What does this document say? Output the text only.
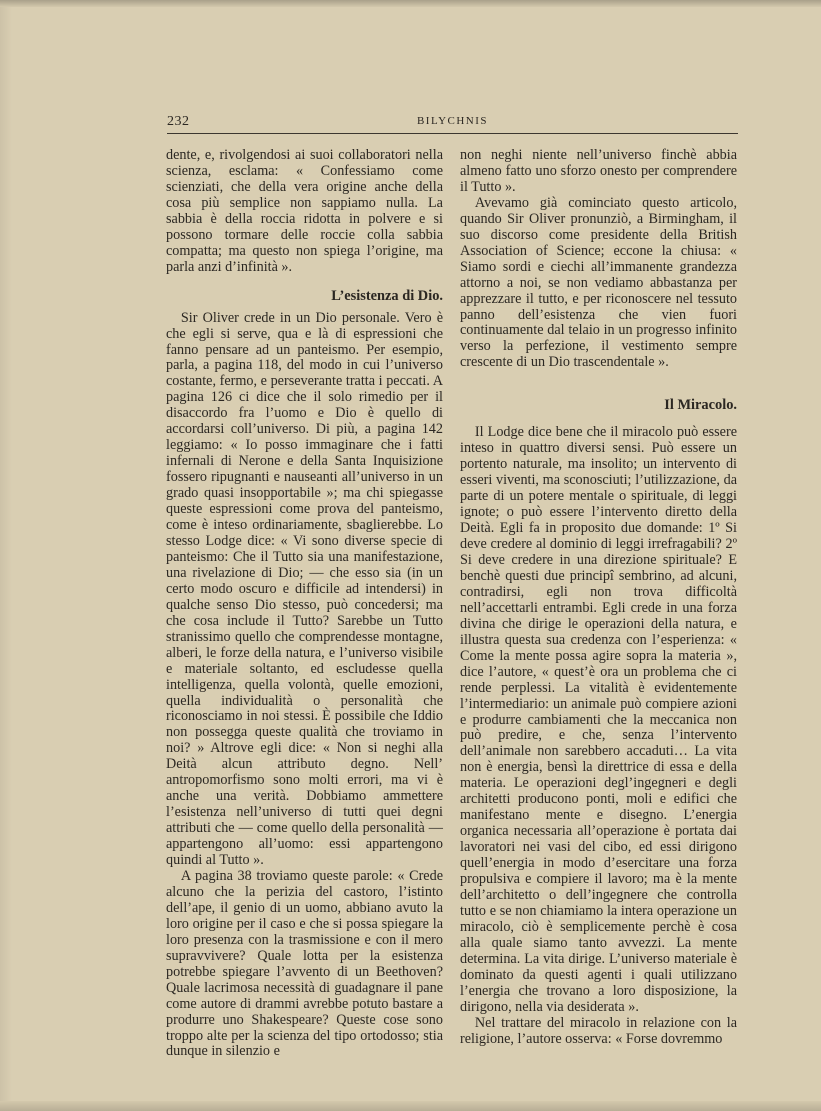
232	BILYCHNIS

dente, e, rivolgendosi ai suoi collaboratori nella scienza, esclama: « Confessiamo come scienziati, che della vera origine anche della cosa più semplice non sappiamo nulla. La sabbia è della roccia ridotta in polvere e si possono tormare delle roccie colla sabbia compatta; ma questo non spiega l’origine, ma parla anzi d’infinità ».

L’esistenza di Dio.

Sir Oliver crede in un Dio personale. Vero è che egli si serve, qua e là di espressioni che fanno pensare ad un panteismo. Per esempio, parla, a pagina 118, del modo in cui l’universo costante, fermo, e perseverante tratta i peccati. A pagina 126 ci dice che il solo rimedio per il disaccordo fra l’uomo e Dio è quello di accordarsi coll’universo. Di più, a pagina 142 leggiamo: « Io posso immaginare che i fatti infernali di Nerone e della Santa Inquisizione fossero ripugnanti e nauseanti all’universo in un grado quasi insopportabile »; ma chi spiegasse queste espressioni come prova del panteismo, come è inteso ordinariamente, sbaglierebbe. Lo stesso Lodge dice: « Vi sono diverse specie di panteismo: Che il Tutto sia una manifestazione, una rivelazione di Dio; — che esso sia (in un certo modo oscuro e difficile ad intendersi) in qualche senso Dio stesso, può concedersi; ma che cosa include il Tutto? Sarebbe un Tutto stranissimo quello che comprendesse montagne, alberi, le forze della natura, e l’universo visibile e materiale soltanto, ed escludesse quella intelligenza, quella volontà, quelle emozioni, quella individualità o personalità che riconosciamo in noi stessi. È possibile che Iddio non possegga queste qualità che troviamo in noi? » Altrove egli dice: « Non si neghi alla Deità alcun attributo degno. Nell’ antropomorfismo sono molti errori, ma vi è anche una verità. Dobbiamo ammettere l’esistenza nell’universo di tutti quei degni attributi che — come quello della personalità — appartengono all’uomo: essi appartengono quindi al Tutto ».

A pagina 38 troviamo queste parole: « Crede alcuno che la perizia del castoro, l’istinto dell’ape, il genio di un uomo, abbiano avuto la loro origine per il caso e che si possa spiegare la loro presenza con la trasmissione e con il mero supravvivere? Quale lotta per la esistenza potrebbe spiegare l’avvento di un Beethoven? Quale lacrimosa necessità di guadagnare il pane come autore di drammi avrebbe potuto bastare a produrre uno Shakespeare? Queste cose sono troppo alte per la scienza del tipo ortodosso; stia dunque in silenzio e

non neghi niente nell’universo finchè abbia almeno fatto uno sforzo onesto per comprendere il Tutto ».

Avevamo già cominciato questo articolo, quando Sir Oliver pronunziò, a Birmingham, il suo discorso come presidente della British Association of Science; eccone la chiusa: « Siamo sordi e ciechi all’immanente grandezza attorno a noi, se non vediamo abbastanza per apprezzare il tutto, e per riconoscere nel tessuto panno dell’esistenza che vien fuori continuamente dal telaio in un progresso infinito verso la perfezione, il vestimento sempre crescente di un Dio trascendentale ».

Il Miracolo.

Il Lodge dice bene che il miracolo può essere inteso in quattro diversi sensi. Può essere un portento naturale, ma insolito; un intervento di esseri viventi, ma sconosciuti; l’utilizzazione, da parte di un potere mentale o spirituale, di leggi ignote; o può essere l’intervento diretto della Deità. Egli fa in proposito due domande: 1º Si deve credere al dominio di leggi irrefragabili? 2º Si deve credere in una direzione spirituale? E benchè questi due principî sembrino, ad alcuni, contradirsi, egli non trova difficoltà nell’accettarli entrambi. Egli crede in una forza divina che dirige le operazioni della natura, e illustra questa sua credenza con l’esperienza: « Come la mente possa agire sopra la materia », dice l’autore, « quest’è ora un problema che ci rende perplessi. La vitalità è evidentemente l’intermediario: un animale può compiere azioni e produrre cambiamenti che la meccanica non può predire, e che, senza l’intervento dell’animale non sarebbero accaduti… La vita non è energia, bensì la direttrice di essa e della materia. Le operazioni degl’ingegneri e degli architetti producono ponti, moli e edifici che manifestano mente e disegno. L’energia organica necessaria all’operazione è portata dai lavoratori nei vasi del cibo, ed essi dirigono quell’energia in modo d’esercitare una forza propulsiva e compiere il lavoro; ma è la mente dell’architetto o dell’ingegnere che controlla tutto e se non chiamiamo la intera operazione un miracolo, ciò è semplicemente perchè è cosa alla quale siamo tanto avvezzi. La mente determina. La vita dirige. L’universo materiale è dominato da questi agenti i quali utilizzano l’energia che trovano a loro disposizione, la dirigono, nella via desiderata ».

Nel trattare del miracolo in relazione con la religione, l’autore osserva: « Forse dovremmo
